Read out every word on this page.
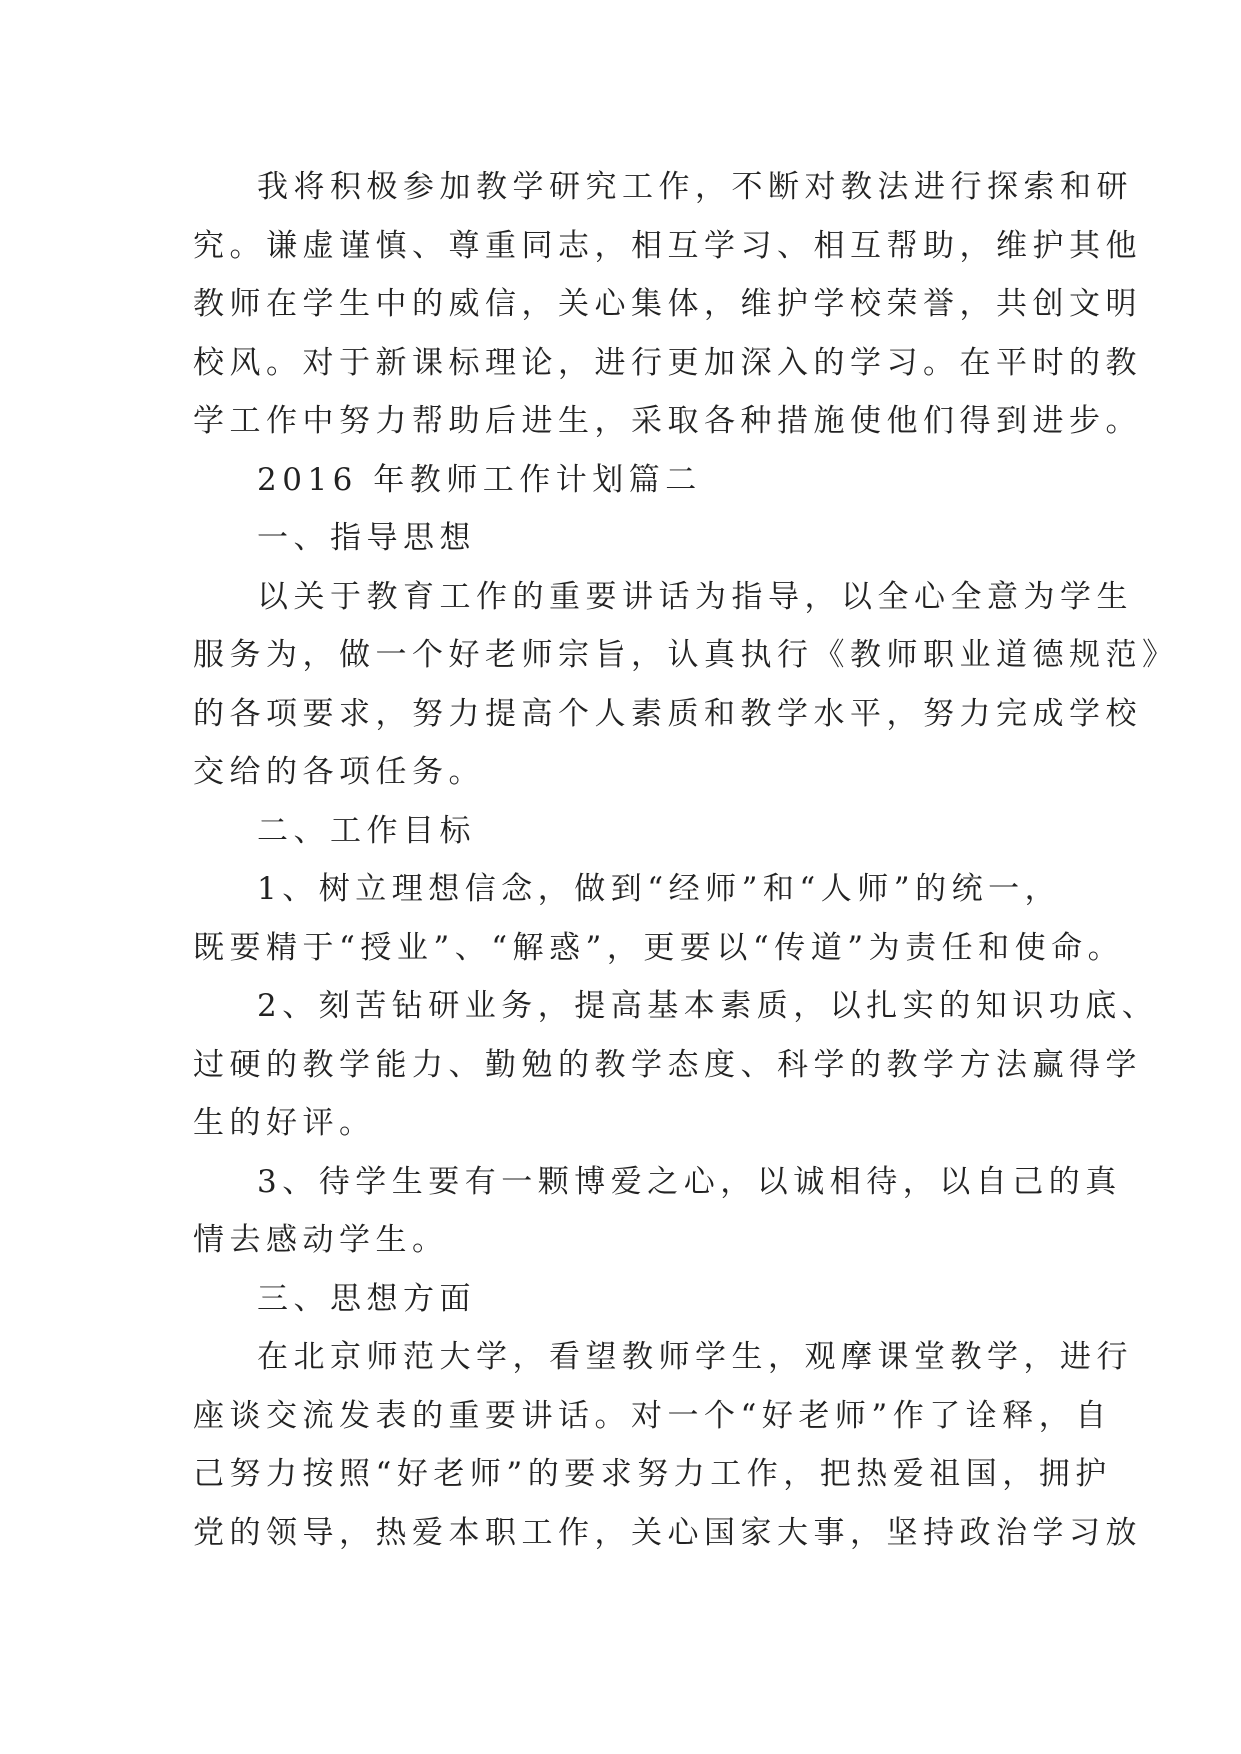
我将积极参加教学研究工作，不断对教法进行探索和研
究。谦虚谨慎、尊重同志，相互学习、相互帮助，维护其他
教师在学生中的威信，关心集体，维护学校荣誉，共创文明
校风。对于新课标理论，进行更加深入的学习。在平时的教
学工作中努力帮助后进生，采取各种措施使他们得到进步。

2016 年教师工作计划篇二

一、指导思想

以关于教育工作的重要讲话为指导，以全心全意为学生
服务为，做一个好老师宗旨，认真执行《教师职业道德规范》
的各项要求，努力提高个人素质和教学水平，努力完成学校
交给的各项任务。

二、工作目标

1、树立理想信念，做到“经师”和“人师”的统一，
既要精于“授业”、“解惑”，更要以“传道”为责任和使命。

2、刻苦钻研业务，提高基本素质，以扎实的知识功底、
过硬的教学能力、勤勉的教学态度、科学的教学方法赢得学
生的好评。

3、待学生要有一颗博爱之心，以诚相待，以自己的真
情去感动学生。

三、思想方面

在北京师范大学，看望教师学生，观摩课堂教学，进行
座谈交流发表的重要讲话。对一个“好老师”作了诠释，自
己努力按照“好老师”的要求努力工作，把热爱祖国，拥护
党的领导，热爱本职工作，关心国家大事，坚持政治学习放
